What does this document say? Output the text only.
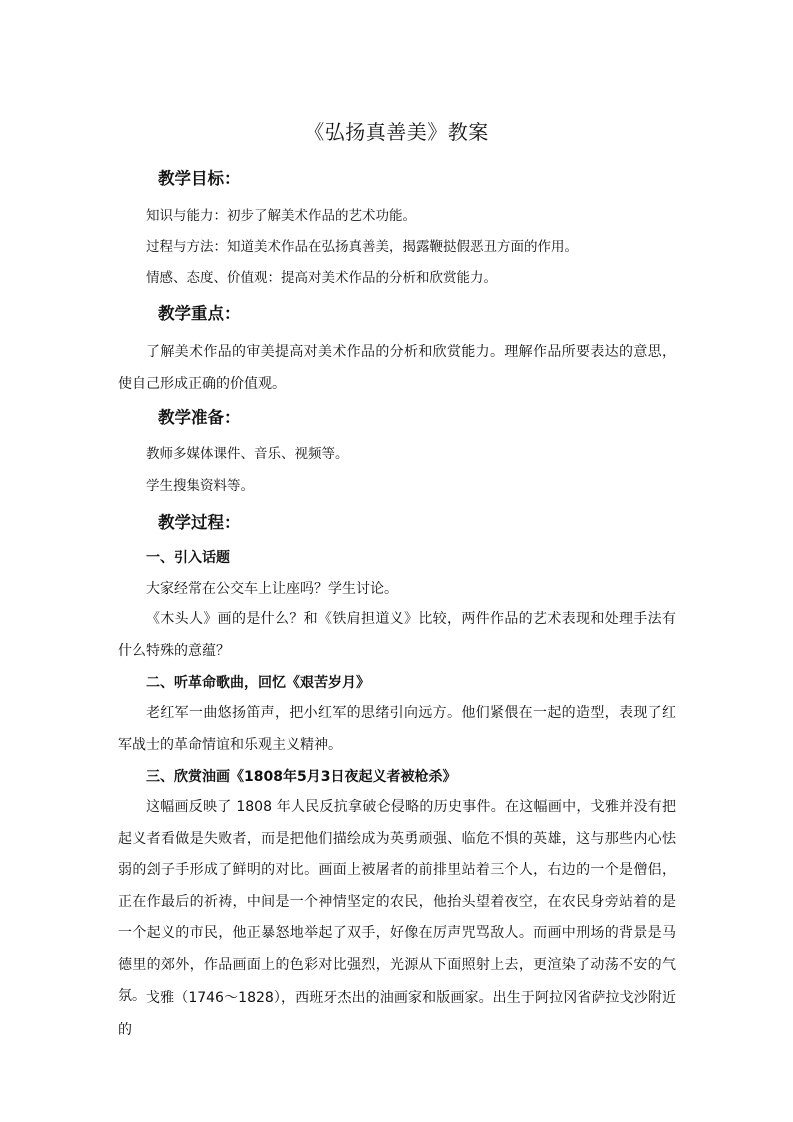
《弘扬真善美》教案
教学目标：
知识与能力：初步了解美术作品的艺术功能。
过程与方法：知道美术作品在弘扬真善美，揭露鞭挞假恶丑方面的作用。
情感、态度、价值观：提高对美术作品的分析和欣赏能力。
教学重点：
了解美术作品的审美提高对美术作品的分析和欣赏能力。理解作品所要表达的意思，使自己形成正确的价值观。
教学准备：
教师多媒体课件、音乐、视频等。
学生搜集资料等。
教学过程：
一、引入话题
大家经常在公交车上让座吗？学生讨论。
《木头人》画的是什么？和《铁肩担道义》比较，两件作品的艺术表现和处理手法有什么特殊的意蕴？
二、听革命歌曲，回忆《艰苦岁月》
老红军一曲悠扬笛声，把小红军的思绪引向远方。他们紧偎在一起的造型，表现了红军战士的革命情谊和乐观主义精神。
三、欣赏油画《1808年5月3日夜起义者被枪杀》
这幅画反映了 1808 年人民反抗拿破仑侵略的历史事件。在这幅画中，戈雅并没有把起义者看做是失败者，而是把他们描绘成为英勇顽强、临危不惧的英雄，这与那些内心怯弱的刽子手形成了鲜明的对比。画面上被屠者的前排里站着三个人，右边的一个是僧侣，正在作最后的祈祷，中间是一个神情坚定的农民，他抬头望着夜空，在农民身旁站着的是一个起义的市民，他正暴怒地举起了双手，好像在厉声咒骂敌人。而画中刑场的背景是马德里的郊外，作品画面上的色彩对比强烈，光源从下面照射上去，更渲染了动荡不安的气氛。 戈雅（1746～1828），西班牙杰出的油画家和版画家。出生于阿拉冈省萨拉戈沙附近的
